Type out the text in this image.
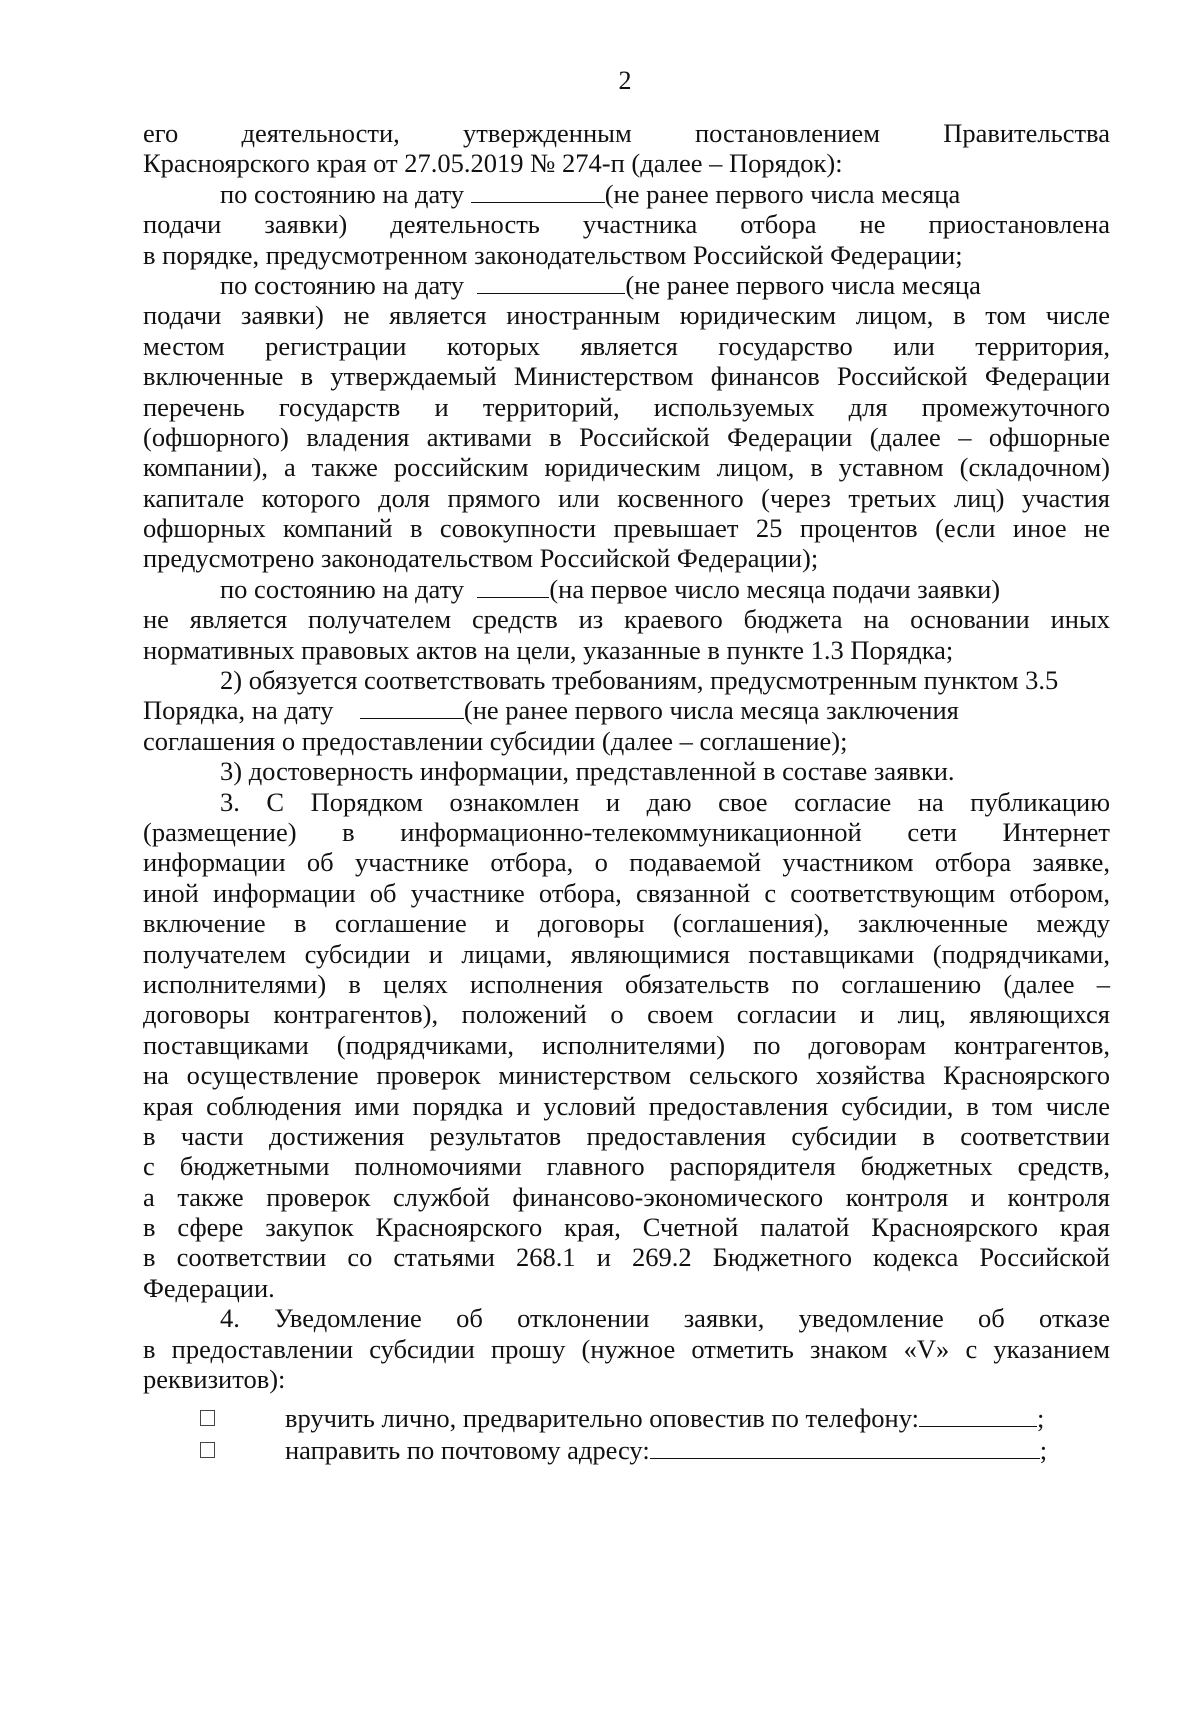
2
его деятельности, утвержденным постановлением Правительства
Красноярского края от 27.05.2019 № 274-п (далее – Порядок):
по состоянию на дату	(не ранее первого числа месяца
подачи заявки) деятельность участника отбора не приостановлена
в порядке, предусмотренном законодательством Российской Федерации;
по состоянию на дату	(не ранее первого числа месяца
подачи заявки) не является иностранным юридическим лицом, в том числе
местом регистрации которых является государство или территория,
включенные в утверждаемый Министерством финансов Российской Федерации
перечень государств и территорий, используемых для промежуточного
(офшорного) владения активами в Российской Федерации (далее – офшорные
компании), а также российским юридическим лицом, в уставном (складочном)
капитале которого доля прямого или косвенного (через третьих лиц) участия
офшорных компаний в совокупности превышает 25 процентов (если иное не
предусмотрено законодательством Российской Федерации);
по состоянию на дату	(на первое число месяца подачи заявки)
не является получателем средств из краевого бюджета на основании иных
нормативных правовых актов на цели, указанные в пункте 1.3 Порядка;
2) обязуется соответствовать требованиям, предусмотренным пунктом 3.5
Порядка, на дату	(не ранее первого числа месяца заключения
соглашения о предоставлении субсидии (далее – соглашение);
3) достоверность информации, представленной в составе заявки.
3. С Порядком ознакомлен и даю свое согласие на публикацию
(размещение) в информационно-телекоммуникационной сети Интернет
информации об участнике отбора, о подаваемой участником отбора заявке,
иной информации об участнике отбора, связанной с соответствующим отбором,
включение в соглашение и договоры (соглашения), заключенные между
получателем субсидии и лицами, являющимися поставщиками (подрядчиками,
исполнителями) в целях исполнения обязательств по соглашению (далее –
договоры контрагентов), положений о своем согласии и лиц, являющихся
поставщиками (подрядчиками, исполнителями) по договорам контрагентов,
на осуществление проверок министерством сельского хозяйства Красноярского
края соблюдения ими порядка и условий предоставления субсидии, в том числе
в части достижения результатов предоставления субсидии в соответствии
с бюджетными полномочиями главного распорядителя бюджетных средств,
а также проверок службой финансово-экономического контроля и контроля
в сфере закупок Красноярского края, Счетной палатой Красноярского края
в соответствии со статьями 268.1 и 269.2 Бюджетного кодекса Российской
Федерации.
4. Уведомление об отклонении заявки, уведомление об отказе
в предоставлении субсидии прошу (нужное отметить знаком «V» с указанием
реквизитов):
вручить лично, предварительно оповестив по телефону:	;
направить по почтовому адресу:	;
